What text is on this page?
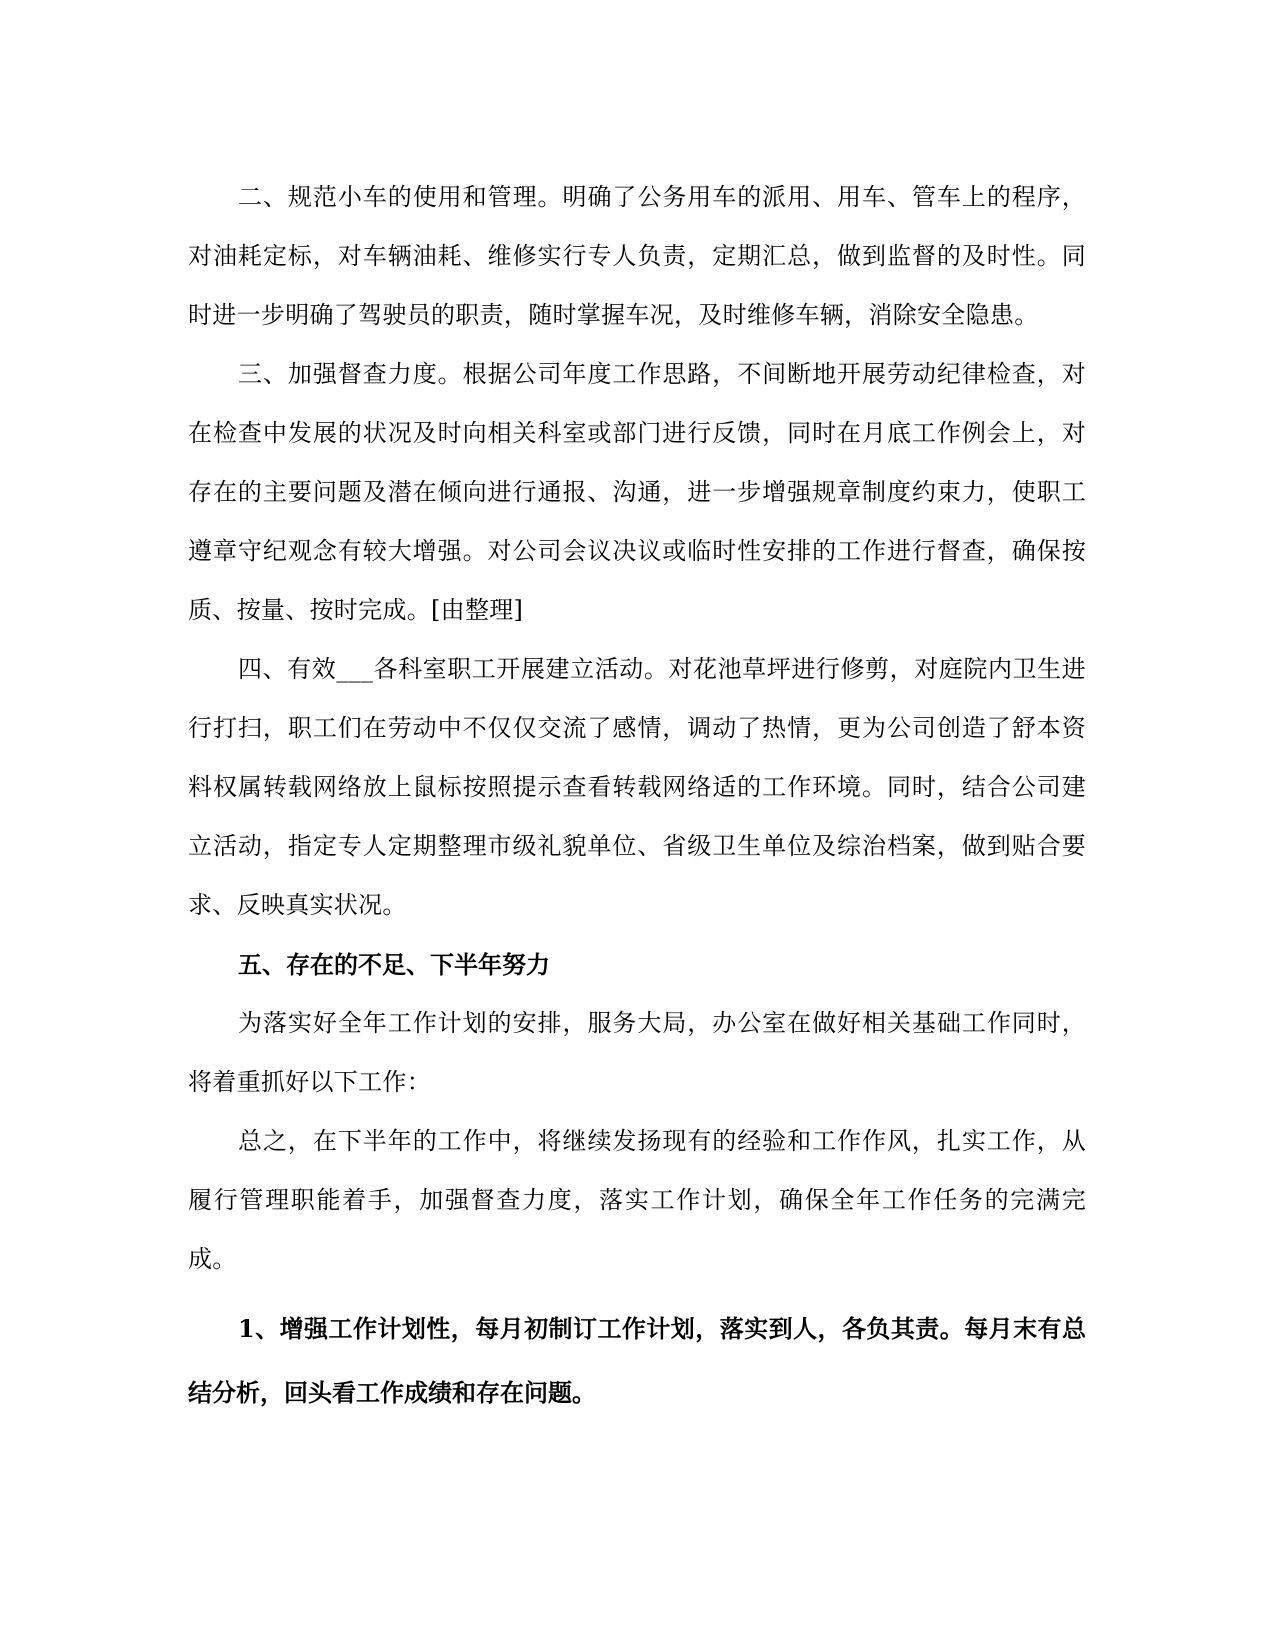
二、规范小车的使用和管理。明确了公务用车的派用、用车、管车上的程序，对油耗定标，对车辆油耗、维修实行专人负责，定期汇总，做到监督的及时性。同时进一步明确了驾驶员的职责，随时掌握车况，及时维修车辆，消除安全隐患。

三、加强督查力度。根据公司年度工作思路，不间断地开展劳动纪律检查，对在检查中发展的状况及时向相关科室或部门进行反馈，同时在月底工作例会上，对存在的主要问题及潜在倾向进行通报、沟通，进一步增强规章制度约束力，使职工遵章守纪观念有较大增强。对公司会议决议或临时性安排的工作进行督查，确保按质、按量、按时完成。[由整理]

四、有效___各科室职工开展建立活动。对花池草坪进行修剪，对庭院内卫生进行打扫，职工们在劳动中不仅仅交流了感情，调动了热情，更为公司创造了舒本资料权属转载网络放上鼠标按照提示查看转载网络适的工作环境。同时，结合公司建立活动，指定专人定期整理市级礼貌单位、省级卫生单位及综治档案，做到贴合要求、反映真实状况。

五、存在的不足、下半年努力

为落实好全年工作计划的安排，服务大局，办公室在做好相关基础工作同时，将着重抓好以下工作：

总之，在下半年的工作中，将继续发扬现有的经验和工作作风，扎实工作，从履行管理职能着手，加强督查力度，落实工作计划，确保全年工作任务的完满完成。

1、增强工作计划性，每月初制订工作计划，落实到人，各负其责。每月末有总结分析，回头看工作成绩和存在问题。
